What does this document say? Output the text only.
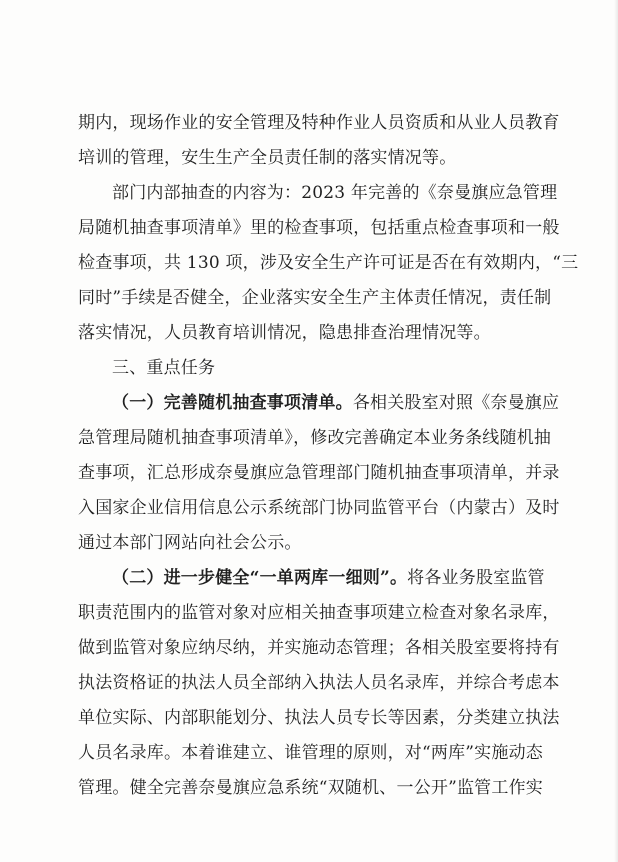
期内，现场作业的安全管理及特种作业人员资质和从业人员教育
培训的管理，安生生产全员责任制的落实情况等。
部门内部抽查的内容为：2023 年完善的《奈曼旗应急管理
局随机抽查事项清单》里的检查事项，包括重点检查事项和一般
检查事项，共 130 项，涉及安全生产许可证是否在有效期内，“三
同时”手续是否健全，企业落实安全生产主体责任情况，责任制
落实情况，人员教育培训情况，隐患排查治理情况等。
三、重点任务
（一）完善随机抽查事项清单。各相关股室对照《奈曼旗应
急管理局随机抽查事项清单》，修改完善确定本业务条线随机抽
查事项，汇总形成奈曼旗应急管理部门随机抽查事项清单，并录
入国家企业信用信息公示系统部门协同监管平台（内蒙古）及时
通过本部门网站向社会公示。
（二）进一步健全“一单两库一细则”。将各业务股室监管
职责范围内的监管对象对应相关抽查事项建立检查对象名录库，
做到监管对象应纳尽纳，并实施动态管理；各相关股室要将持有
执法资格证的执法人员全部纳入执法人员名录库，并综合考虑本
单位实际、内部职能划分、执法人员专长等因素，分类建立执法
人员名录库。本着谁建立、谁管理的原则，对“两库”实施动态
管理。健全完善奈曼旗应急系统“双随机、一公开”监管工作实
